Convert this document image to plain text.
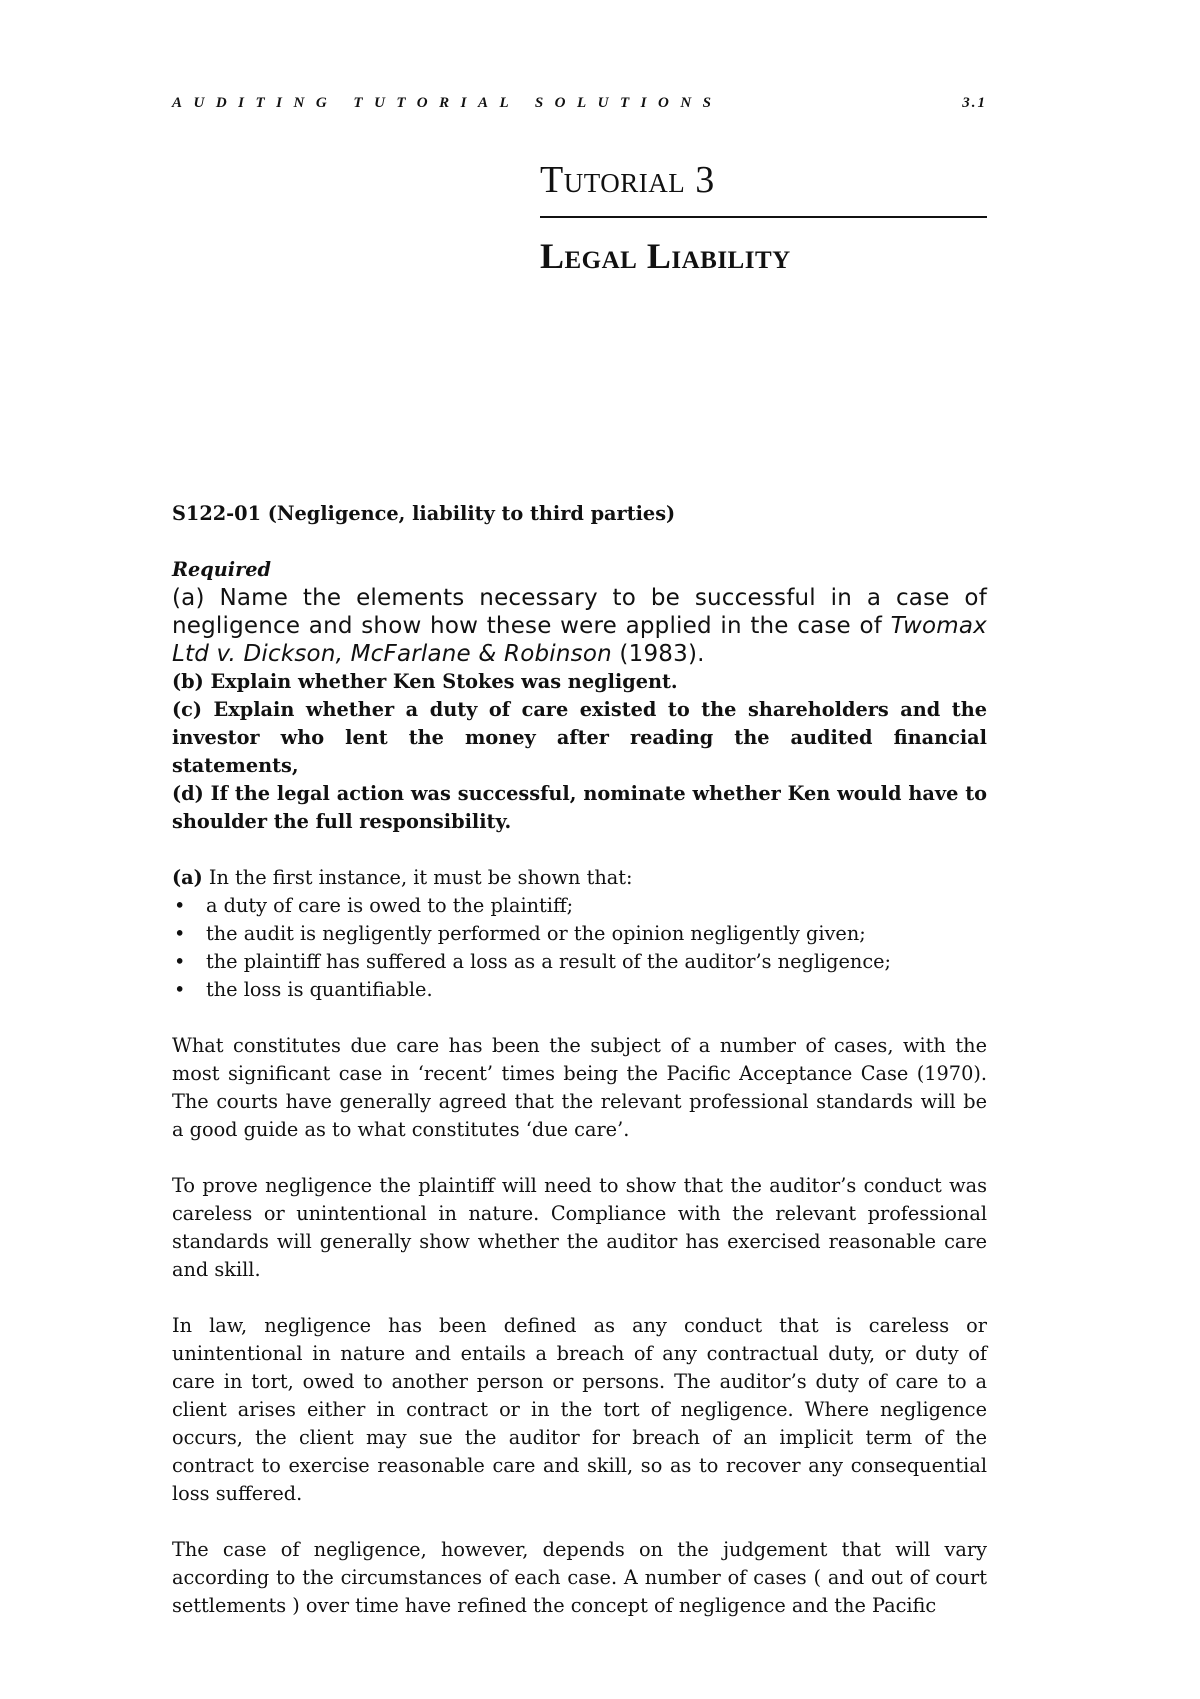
AUDITING TUTORIAL SOLUTIONS	3.1
Tutorial 3
Legal Liability

S122-01 (Negligence, liability to third parties)

Required

(a) Name the elements necessary to be successful in a case of negligence and show how these were applied in the case of Twomax Ltd v. Dickson, McFarlane & Robinson (1983).

(b) Explain whether Ken Stokes was negligent.

(c) Explain whether a duty of care existed to the shareholders and the investor who lent the money after reading the audited financial statements,

(d) If the legal action was successful, nominate whether Ken would have to shoulder the full responsibility.

(a) In the first instance, it must be shown that:

• a duty of care is owed to the plaintiff;
• the audit is negligently performed or the opinion negligently given;
• the plaintiff has suffered a loss as a result of the auditor’s negligence;
• the loss is quantifiable.

What constitutes due care has been the subject of a number of cases, with the most significant case in ‘recent’ times being the Pacific Acceptance Case (1970). The courts have generally agreed that the relevant professional standards will be a good guide as to what constitutes ‘due care’.

To prove negligence the plaintiff will need to show that the auditor’s conduct was careless or unintentional in nature. Compliance with the relevant professional standards will generally show whether the auditor has exercised reasonable care and skill.

In law, negligence has been defined as any conduct that is careless or unintentional in nature and entails a breach of any contractual duty, or duty of care in tort, owed to another person or persons. The auditor’s duty of care to a client arises either in contract or in the tort of negligence. Where negligence occurs, the client may sue the auditor for breach of an implicit term of the contract to exercise reasonable care and skill, so as to recover any consequential loss suffered.

The case of negligence, however, depends on the judgement that will vary according to the circumstances of each case. A number of cases ( and out of court settlements ) over time have refined the concept of negligence and the Pacific
